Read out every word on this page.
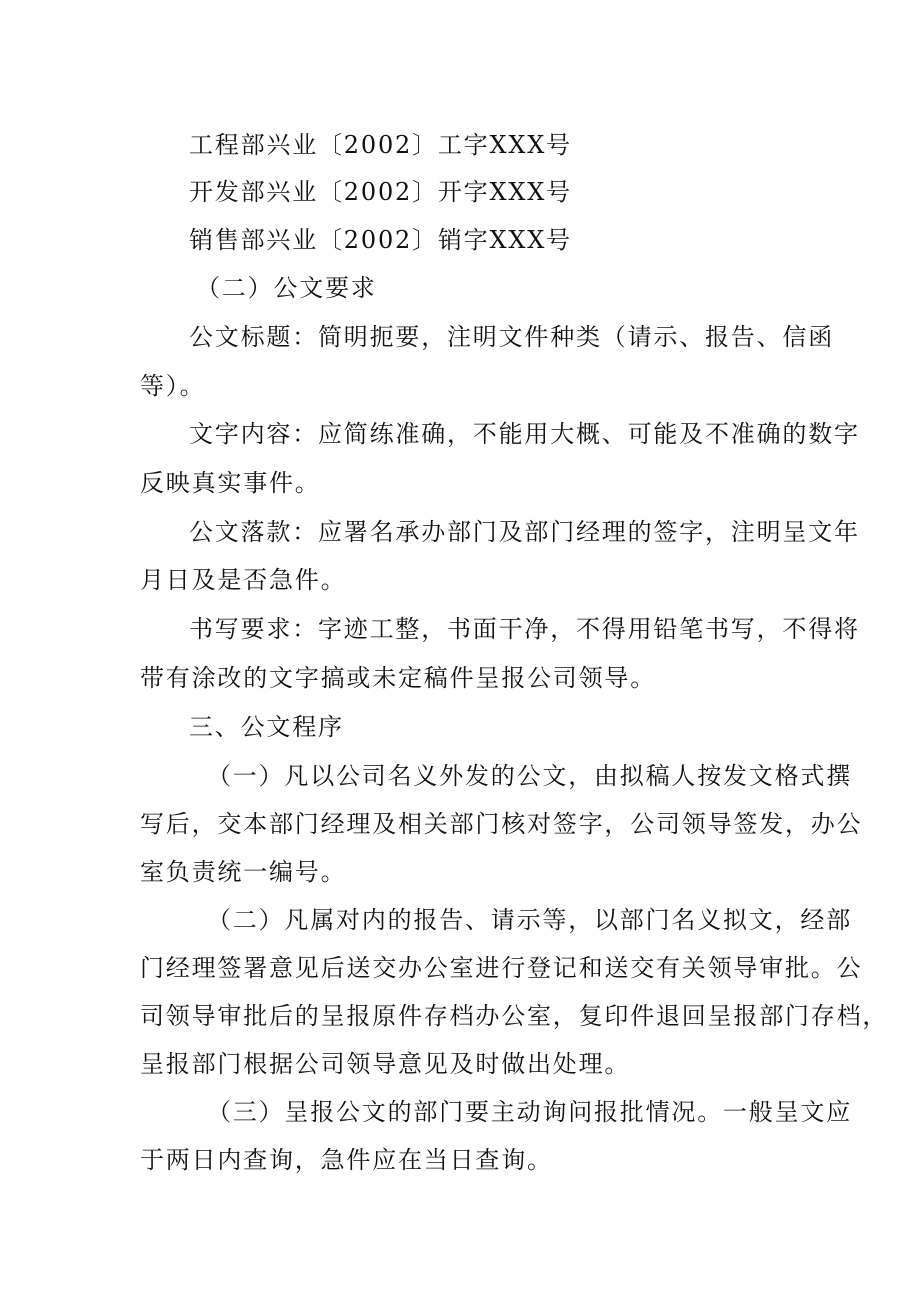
工程部兴业〔2002〕工字XXX号
开发部兴业〔2002〕开字XXX号
销售部兴业〔2002〕销字XXX号
（二）公文要求
公文标题：简明扼要，注明文件种类（请示、报告、信函
等）。
文字内容：应简练准确，不能用大概、可能及不准确的数字
反映真实事件。
公文落款：应署名承办部门及部门经理的签字，注明呈文年
月日及是否急件。
书写要求：字迹工整，书面干净，不得用铅笔书写，不得将
带有涂改的文字搞或未定稿件呈报公司领导。
三、公文程序
（一）凡以公司名义外发的公文，由拟稿人按发文格式撰
写后，交本部门经理及相关部门核对签字，公司领导签发，办公
室负责统一编号。
（二）凡属对内的报告、请示等，以部门名义拟文，经部
门经理签署意见后送交办公室进行登记和送交有关领导审批。公
司领导审批后的呈报原件存档办公室，复印件退回呈报部门存档，
呈报部门根据公司领导意见及时做出处理。
（三）呈报公文的部门要主动询问报批情况。一般呈文应
于两日内查询，急件应在当日查询。
